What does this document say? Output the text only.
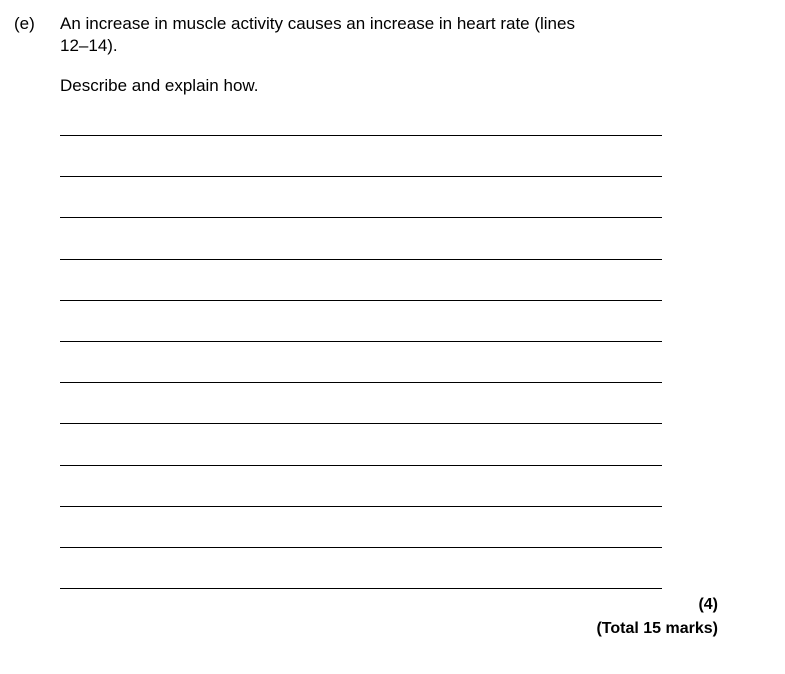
(e) An increase in muscle activity causes an increase in heart rate (lines
12–14).
Describe and explain how.
(4)
(Total 15 marks)
